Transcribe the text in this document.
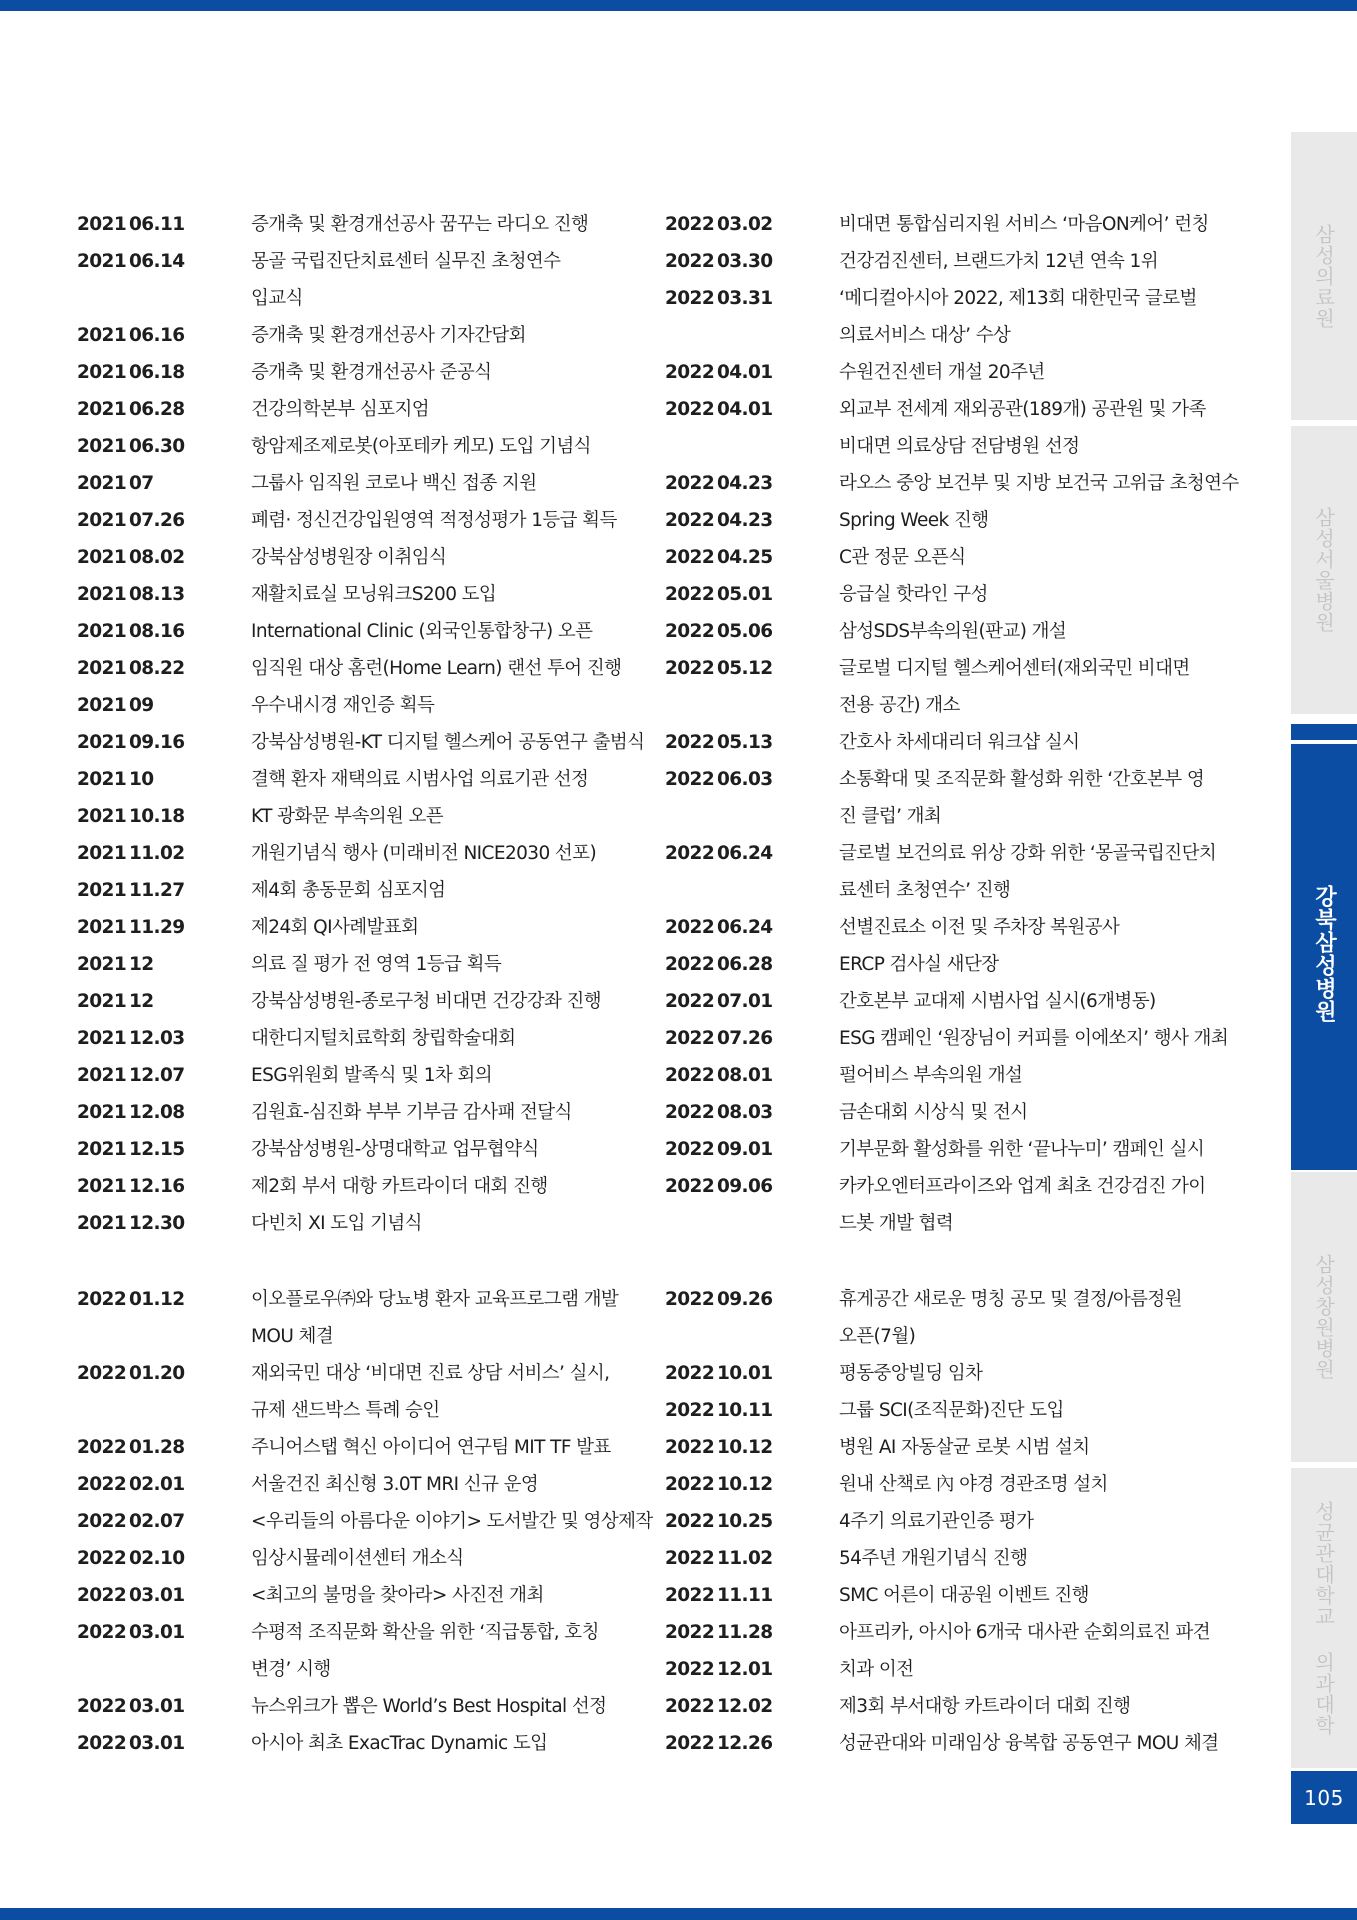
2021 06.11	증개축 및 환경개선공사 꿈꾸는 라디오 진행
2021 06.14	몽골 국립진단치료센터 실무진 초청연수
입교식
2021 06.16	증개축 및 환경개선공사 기자간담회
2021 06.18	증개축 및 환경개선공사 준공식
2021 06.28	건강의학본부 심포지엄
2021 06.30	항암제조제로봇(아포테카 케모) 도입 기념식
2021 07	그룹사 임직원 코로나 백신 접종 지원
2021 07.26	폐렴· 정신건강입원영역 적정성평가 1등급 획득
2021 08.02	강북삼성병원장 이취임식
2021 08.13	재활치료실 모닝워크S200 도입
2021 08.16	International Clinic (외국인통합창구) 오픈
2021 08.22	임직원 대상 홈런(Home Learn) 랜선 투어 진행
2021 09	우수내시경 재인증 획득
2021 09.16	강북삼성병원-KT 디지털 헬스케어 공동연구 출범식
2021 10	결핵 환자 재택의료 시범사업 의료기관 선정
2021 10.18	KT 광화문 부속의원 오픈
2021 11.02	개원기념식 행사 (미래비전 NICE2030 선포)
2021 11.27	제4회 총동문회 심포지엄
2021 11.29	제24회 QI사례발표회
2021 12	의료 질 평가 전 영역 1등급 획득
2021 12	강북삼성병원-종로구청 비대면 건강강좌 진행
2021 12.03	대한디지털치료학회 창립학술대회
2021 12.07	ESG위원회 발족식 및 1차 회의
2021 12.08	김원효-심진화 부부 기부금 감사패 전달식
2021 12.15	강북삼성병원-상명대학교 업무협약식
2021 12.16	제2회 부서 대항 카트라이더 대회 진행
2021 12.30	다빈치 XI 도입 기념식
2022 01.12	이오플로우㈜와 당뇨병 환자 교육프로그램 개발
MOU 체결
2022 01.20	재외국민 대상 ‘비대면 진료 상담 서비스’ 실시,
규제 샌드박스 특례 승인
2022 01.28	주니어스탭 혁신 아이디어 연구팀 MIT TF 발표
2022 02.01	서울건진 최신형 3.0T MRI 신규 운영
2022 02.07	<우리들의 아름다운 이야기> 도서발간 및 영상제작
2022 02.10	임상시뮬레이션센터 개소식
2022 03.01	<최고의 불멍을 찾아라> 사진전 개최
2022 03.01	수평적 조직문화 확산을 위한 ‘직급통합, 호칭
변경’ 시행
2022 03.01	뉴스위크가 뽑은 World’s Best Hospital 선정
2022 03.01	아시아 최초 ExacTrac Dynamic 도입
2022 03.02	비대면 통합심리지원 서비스 ‘마음ON케어’ 런칭
2022 03.30	건강검진센터, 브랜드가치 12년 연속 1위
2022 03.31	‘메디컬아시아 2022, 제13회 대한민국 글로벌
의료서비스 대상’ 수상
2022 04.01	수원건진센터 개설 20주년
2022 04.01	외교부 전세계 재외공관(189개) 공관원 및 가족
비대면 의료상담 전담병원 선정
2022 04.23	라오스 중앙 보건부 및 지방 보건국 고위급 초청연수
2022 04.23	Spring Week 진행
2022 04.25	C관 정문 오픈식
2022 05.01	응급실 핫라인 구성
2022 05.06	삼성SDS부속의원(판교) 개설
2022 05.12	글로벌 디지털 헬스케어센터(재외국민 비대면
전용 공간) 개소
2022 05.13	간호사 차세대리더 워크샵 실시
2022 06.03	소통확대 및 조직문화 활성화 위한 ‘간호본부 영
진 클럽’ 개최
2022 06.24	글로벌 보건의료 위상 강화 위한 ‘몽골국립진단치
료센터 초청연수’ 진행
2022 06.24	선별진료소 이전 및 주차장 복원공사
2022 06.28	ERCP 검사실 새단장
2022 07.01	간호본부 교대제 시범사업 실시(6개병동)
2022 07.26	ESG 캠페인 ‘원장님이 커피를 이에쏘지’ 행사 개최
2022 08.01	펄어비스 부속의원 개설
2022 08.03	금손대회 시상식 및 전시
2022 09.01	기부문화 활성화를 위한 ‘끝나누미’ 캠페인 실시
2022 09.06	카카오엔터프라이즈와 업계 최초 건강검진 가이
드봇 개발 협력
2022 09.26	휴게공간 새로운 명칭 공모 및 결정/아름정원
오픈(7월)
2022 10.01	평동중앙빌딩 임차
2022 10.11	그룹 SCI(조직문화)진단 도입
2022 10.12	병원 AI 자동살균 로봇 시범 설치
2022 10.12	원내 산책로 內 야경 경관조명 설치
2022 10.25	4주기 의료기관인증 평가
2022 11.02	54주년 개원기념식 진행
2022 11.11	SMC 어른이 대공원 이벤트 진행
2022 11.28	아프리카, 아시아 6개국 대사관 순회의료진 파견
2022 12.01	치과 이전
2022 12.02	제3회 부서대항 카트라이더 대회 진행
2022 12.26	성균관대와 미래임상 융복합 공동연구 MOU 체결
삼성의료원
삼성서울병원
강북삼성병원
삼성창원병원
성균관대학교 의과대학
105
